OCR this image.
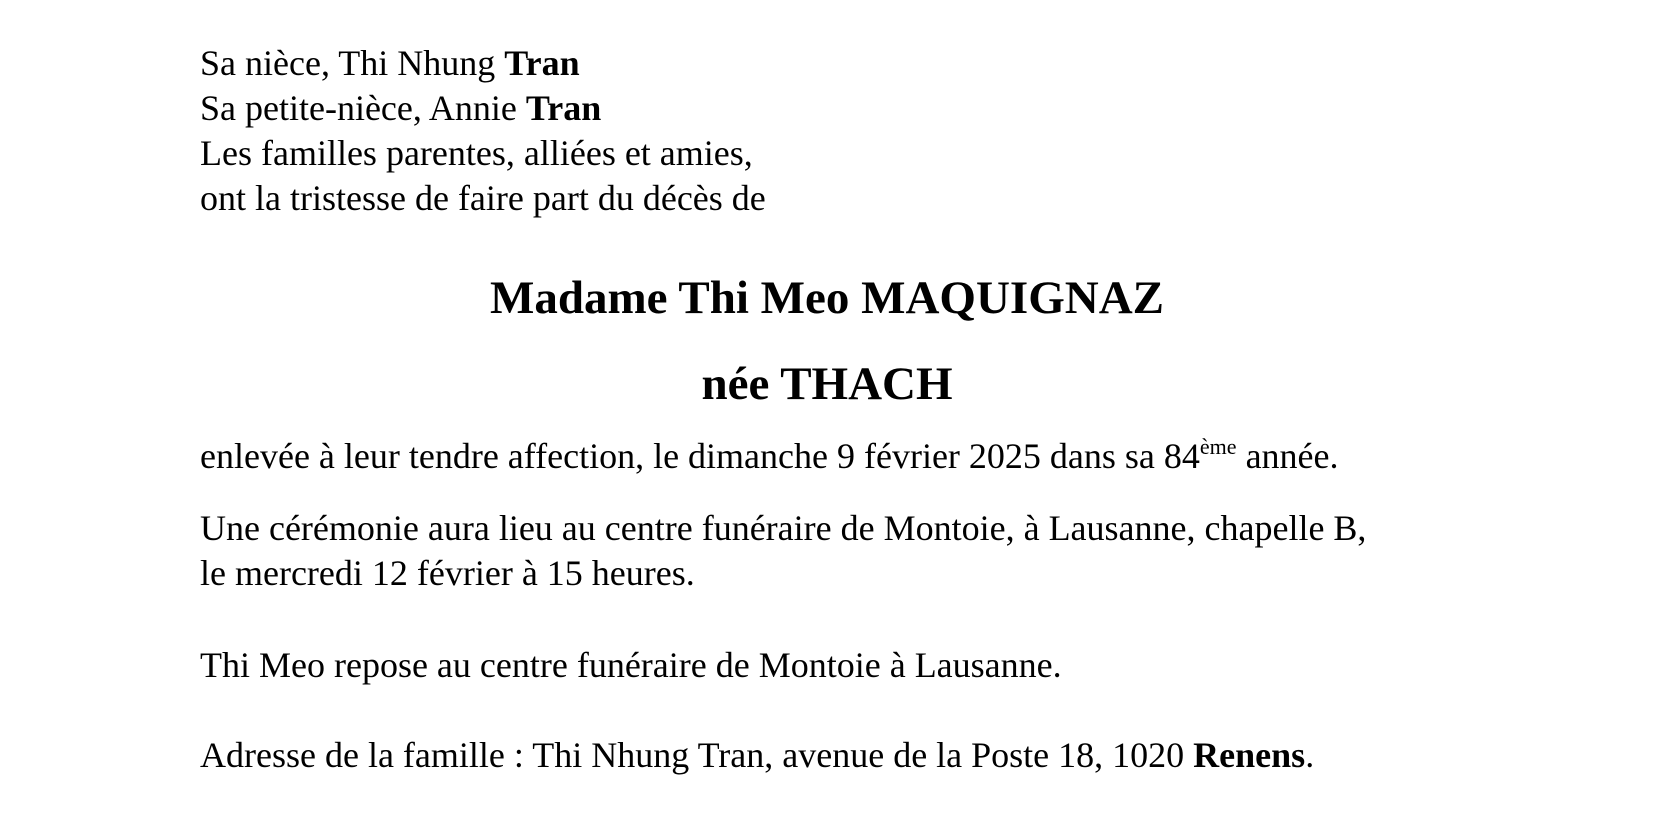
Sa nièce, Thi Nhung Tran
Sa petite-nièce, Annie Tran
Les familles parentes, alliées et amies,
ont la tristesse de faire part du décès de
Madame Thi Meo MAQUIGNAZ
née THACH
enlevée à leur tendre affection, le dimanche 9 février 2025 dans sa 84ème année.
Une cérémonie aura lieu au centre funéraire de Montoie, à Lausanne, chapelle B,
le mercredi 12 février à 15 heures.
Thi Meo repose au centre funéraire de Montoie à Lausanne.
Adresse de la famille : Thi Nhung Tran, avenue de la Poste 18, 1020 Renens.
